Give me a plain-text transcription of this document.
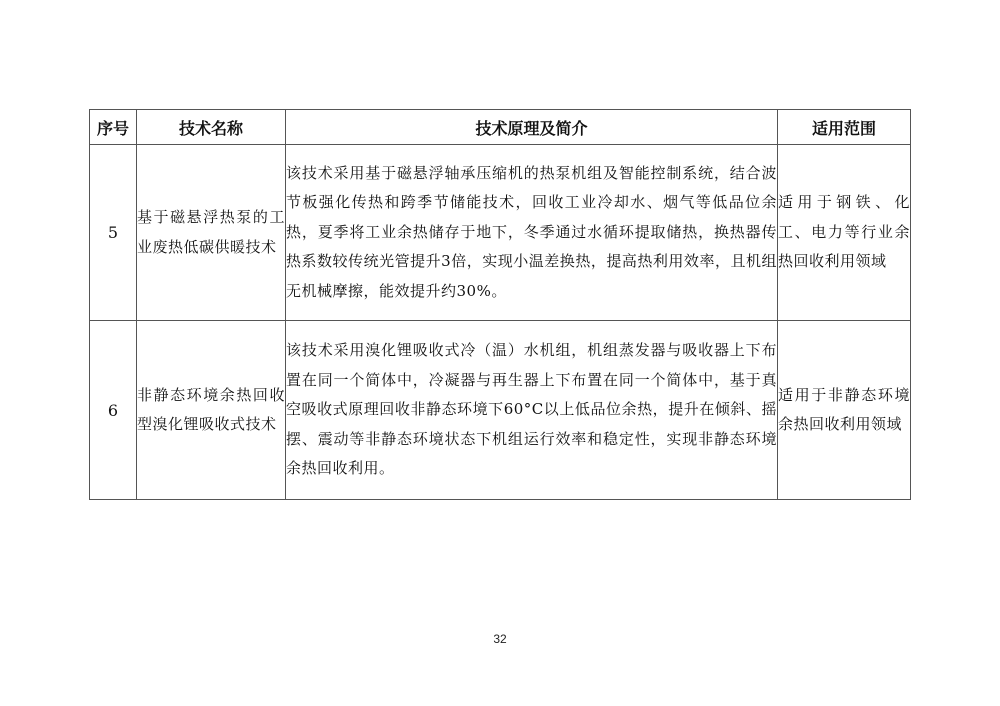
序号	技术名称	技术原理及简介	适用范围
5	基于磁悬浮热泵的工业废热低碳供暖技术	该技术采用基于磁悬浮轴承压缩机的热泵机组及智能控制系统，结合波节板强化传热和跨季节储能技术，回收工业冷却水、烟气等低品位余热，夏季将工业余热储存于地下，冬季通过水循环提取储热，换热器传热系数较传统光管提升3倍，实现小温差换热，提高热利用效率，且机组无机械摩擦，能效提升约30%。	适用于钢铁、化工、电力等行业余热回收利用领域
6	非静态环境余热回收型溴化锂吸收式技术	该技术采用溴化锂吸收式冷（温）水机组，机组蒸发器与吸收器上下布置在同一个简体中，冷凝器与再生器上下布置在同一个简体中，基于真空吸收式原理回收非静态环境下60°C以上低品位余热，提升在倾斜、摇摆、震动等非静态环境状态下机组运行效率和稳定性，实现非静态环境余热回收利用。	适用于非静态环境余热回收利用领域
32
